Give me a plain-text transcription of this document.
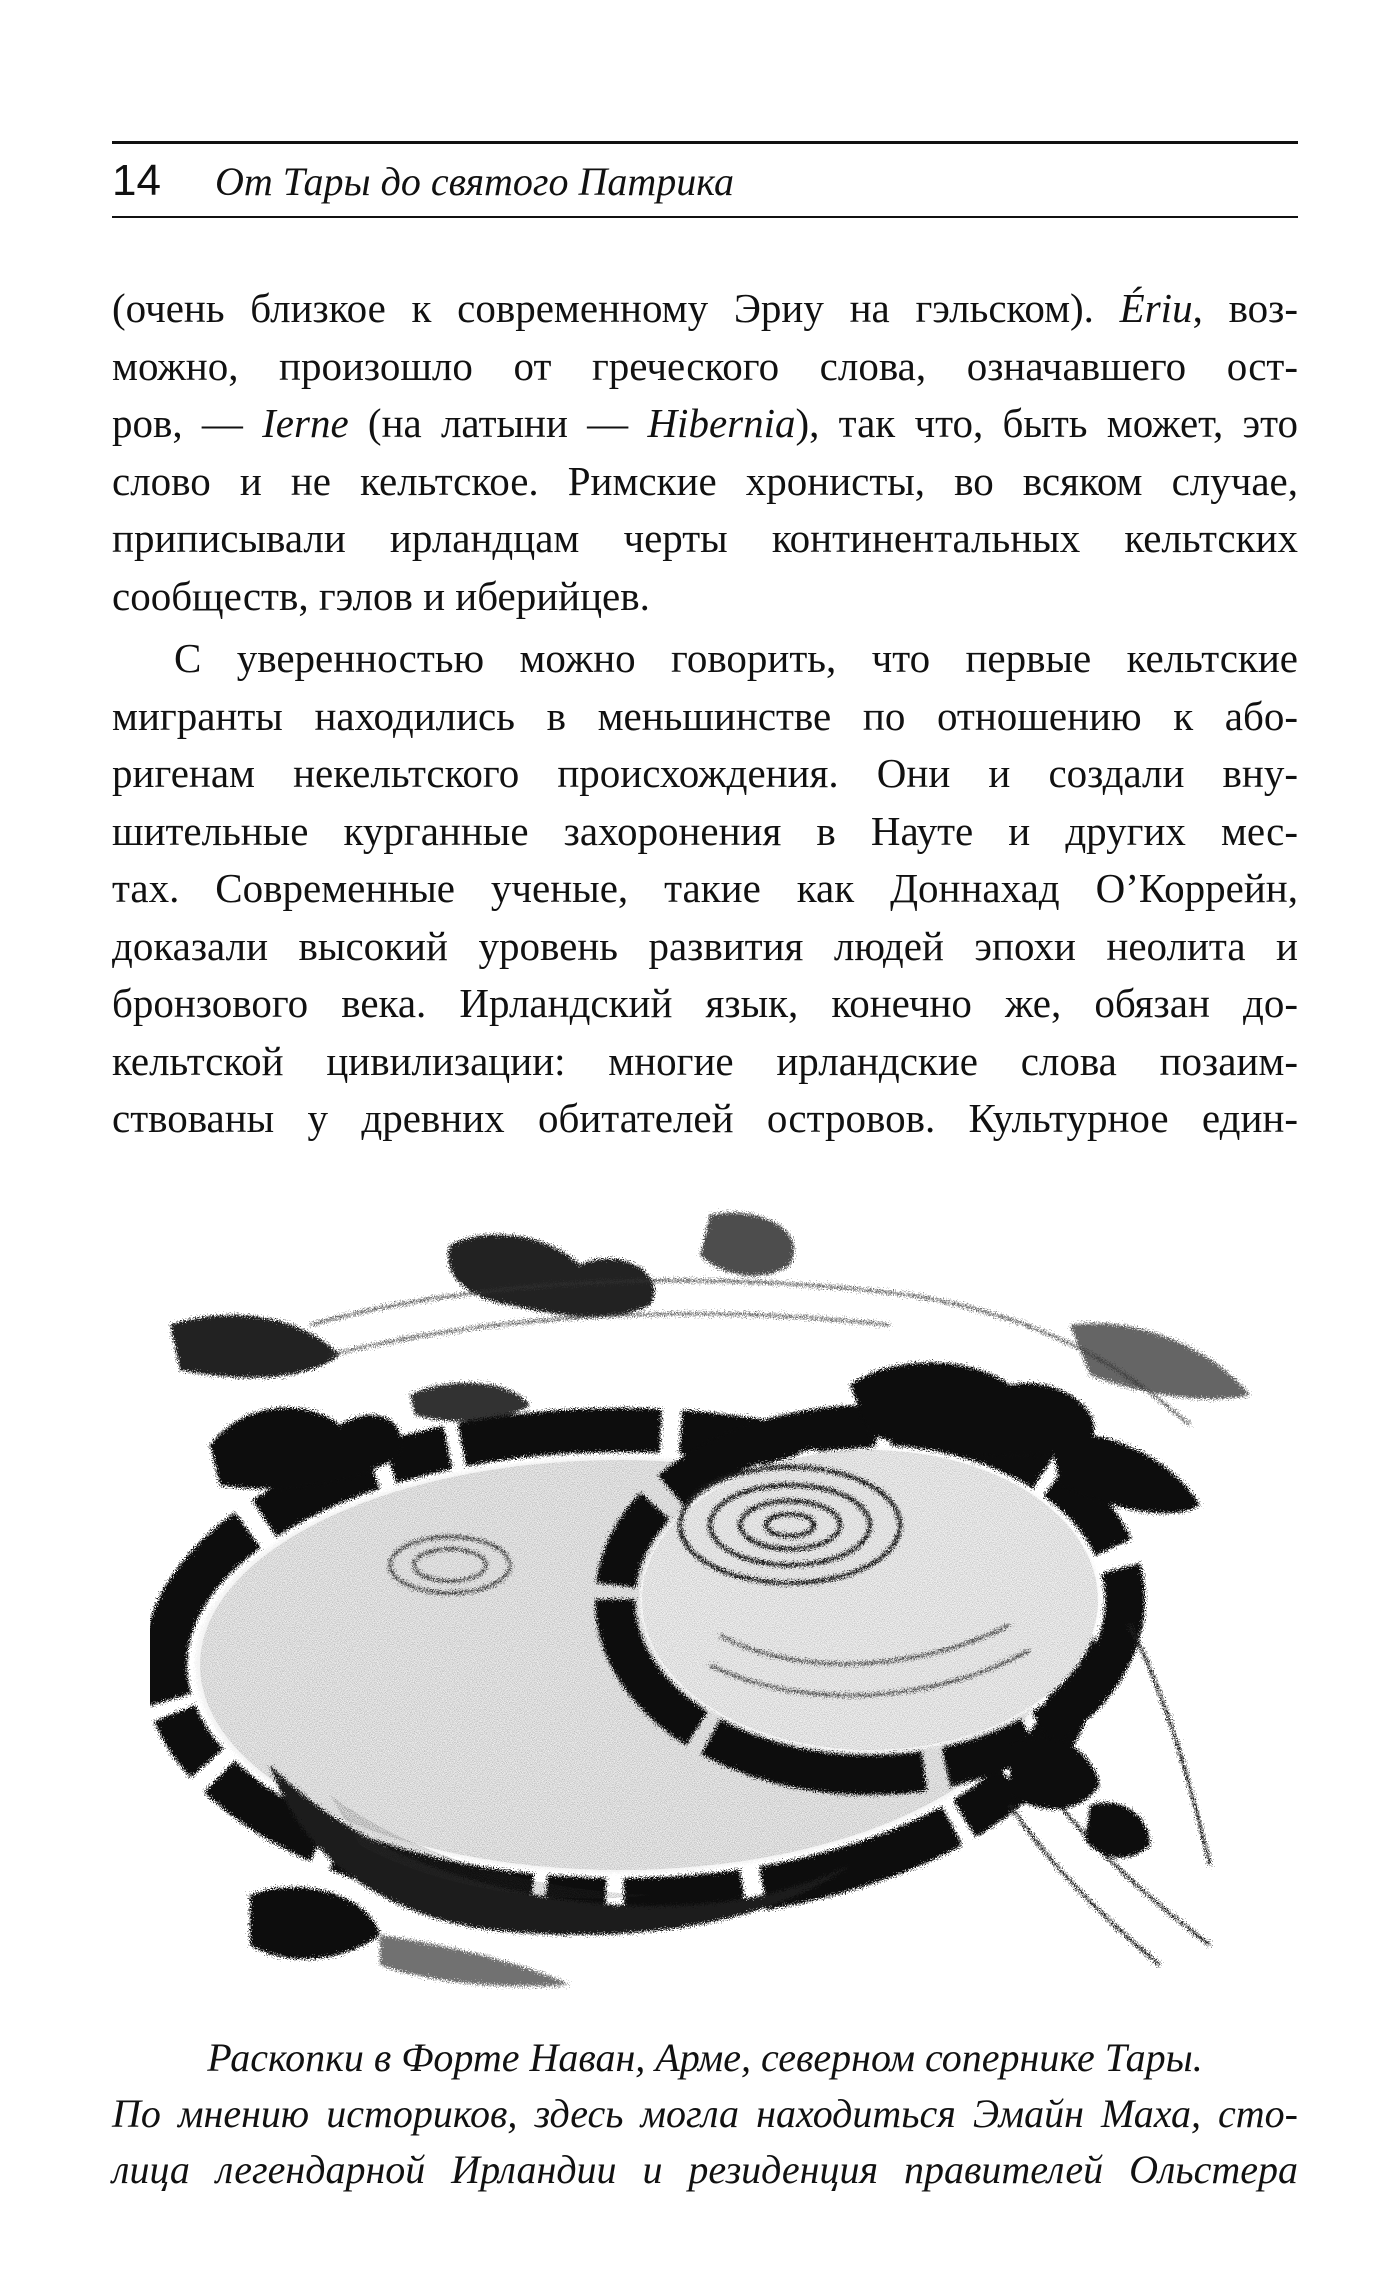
14 От Тары до святого Патрика
(очень близкое к современному Эриу на гэльском). Ériu, воз-
можно, произошло от греческого слова, означавшего ост-
ров, — Ierne (на латыни — Hibernia), так что, быть может, это
слово и не кельтское. Римские хронисты, во всяком случае,
приписывали ирландцам черты континентальных кельтских
сообществ, гэлов и иберийцев.
С уверенностью можно говорить, что первые кельтские
мигранты находились в меньшинстве по отношению к або-
ригенам некельтского происхождения. Они и создали вну-
шительные курганные захоронения в Науте и других мес-
тах. Современные ученые, такие как Доннахад О’Коррейн,
доказали высокий уровень развития людей эпохи неолита и
бронзового века. Ирландский язык, конечно же, обязан до-
кельтской цивилизации: многие ирландские слова позаим-
ствованы у древних обитателей островов. Культурное един-
Раскопки в Форте Наван, Арме, северном сопернике Тары.
По мнению историков, здесь могла находиться Эмайн Маха, сто-
лица легендарной Ирландии и резиденция правителей Ольстера
